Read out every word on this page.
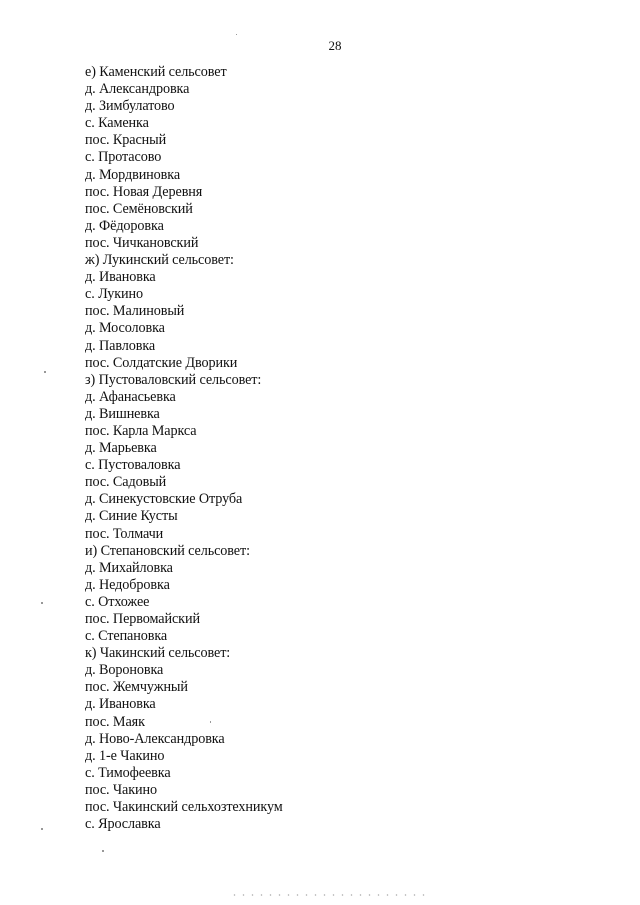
28
е) Каменский сельсовет
д. Александровка
д. Зимбулатово
с. Каменка
пос. Красный
с. Протасово
д. Мордвиновка
пос. Новая Деревня
пос. Семёновский
д. Фёдоровка
пос. Чичкановский
ж) Лукинский сельсовет:
д. Ивановка
с. Лукино
пос. Малиновый
д. Мосоловка
д. Павловка
пос. Солдатские Дворики
з) Пустоваловский сельсовет:
д. Афанасьевка
д. Вишневка
пос. Карла Маркса
д. Марьевка
с. Пустоваловка
пос. Садовый
д. Синекустовские Отруба
д. Синие Кусты
пос. Толмачи
и) Степановский сельсовет:
д. Михайловка
д. Недобровка
с. Отхожее
пос. Первомайский
с. Степановка
к) Чакинский сельсовет:
д. Вороновка
пос. Жемчужный
д. Ивановка
пос. Маяк
д. Ново-Александровка
д. 1-е Чакино
с. Тимофеевка
пос. Чакино
пос. Чакинский сельхозтехникум
с. Ярославка
